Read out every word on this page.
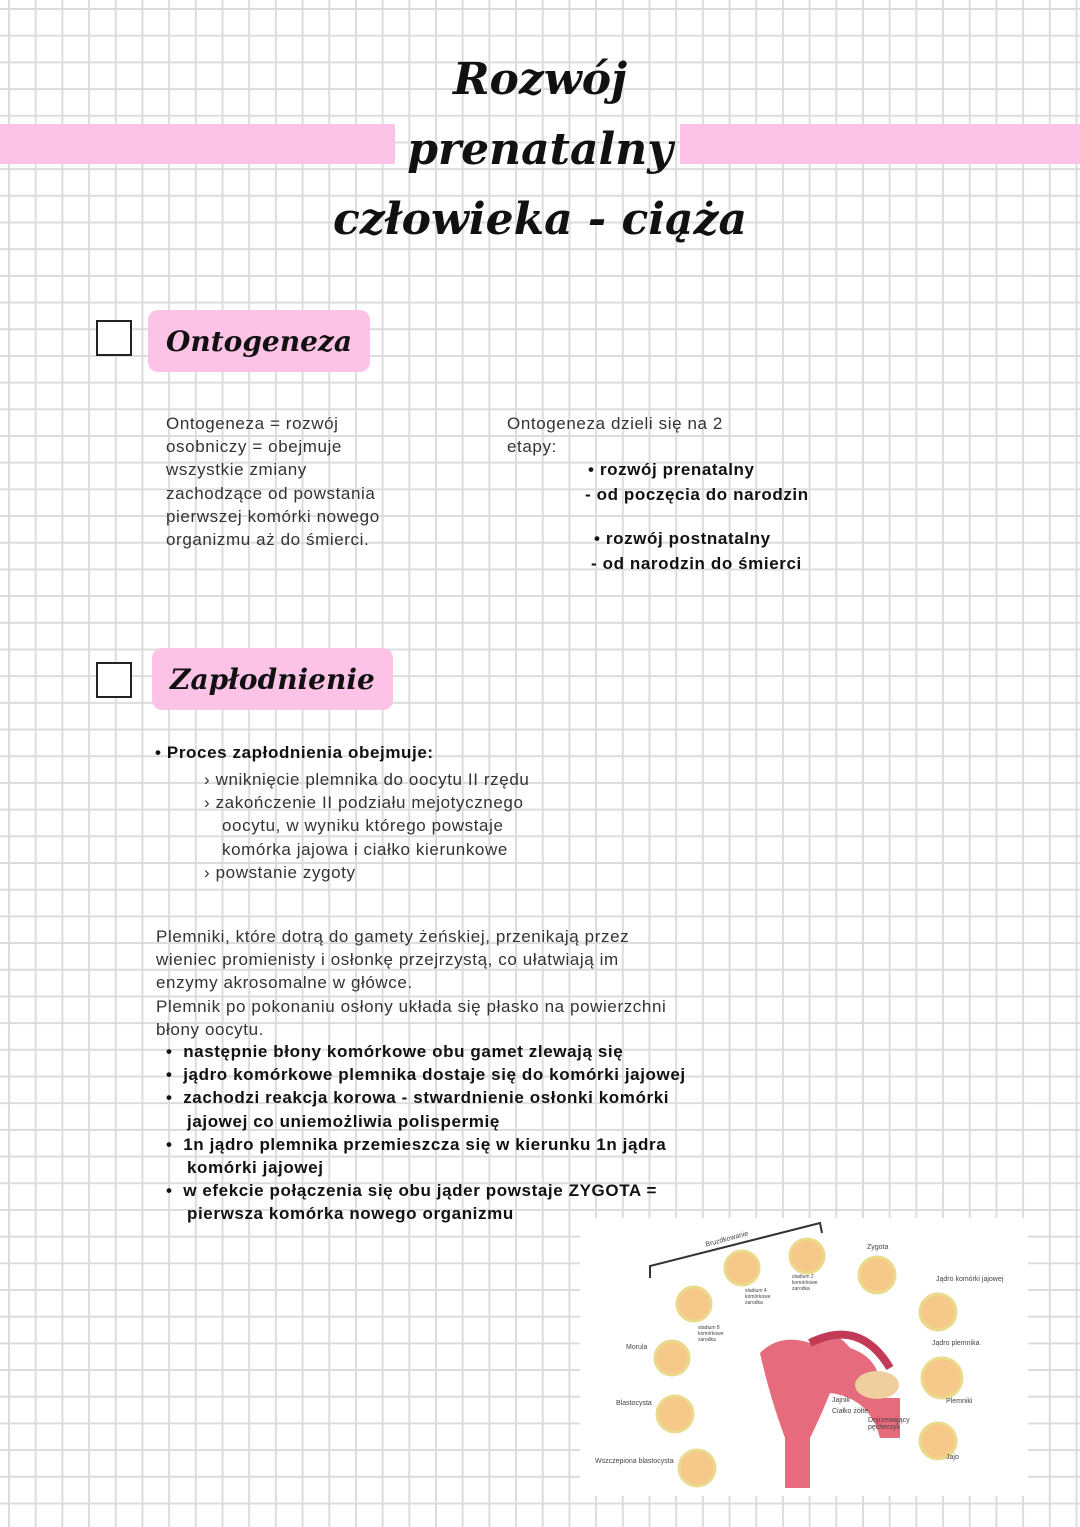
Rozwój
prenatalny
człowieka - ciąża
Ontogeneza
Ontogeneza = rozwój
osobniczy = obejmuje
wszystkie zmiany
zachodzące od powstania
pierwszej komórki nowego
organizmu aż do śmierci.
Ontogeneza dzieli się na 2
etapy:
• rozwój prenatalny
- od poczęcia do narodzin
• rozwój postnatalny
- od narodzin do śmierci
Zapłodnienie
• Proces zapłodnienia obejmuje:
› wniknięcie plemnika do oocytu II rzędu
› zakończenie II podziału mejotycznego
oocytu, w wyniku którego powstaje
komórka jajowa i ciałko kierunkowe
› powstanie zygoty
Plemniki, które dotrą do gamety żeńskiej, przenikają przez
wieniec promienisty i osłonkę przejrzystą, co ułatwiają im
enzymy akrosomalne w główce.
Plemnik po pokonaniu osłony układa się płasko na powierzchni
błony oocytu.
•  następnie błony komórkowe obu gamet zlewają się
•  jądro komórkowe plemnika dostaje się do komórki jajowej
•  zachodzi reakcja korowa - stwardnienie osłonki komórki
jajowej co uniemożliwia polispermię
•  1n jądro plemnika przemieszcza się w kierunku 1n jądra
komórki jajowej
•  w efekcie połączenia się obu jąder powstaje ZYGOTA =
pierwsza komórka nowego organizmu
Bruzdkowanie	Zygota
Jądro komórki jajowej
Jądro plemnika
Plemniki
Jajo
Jajnik
Ciałko żółte
Dojrzewający pęcherzyk
Morula
Blastocysta
Wszczepiona blastocysta
stadium 2 komórkowe zarodka
stadium 4 komórkowe zarodka
stadium 8 komórkowe zarodka
